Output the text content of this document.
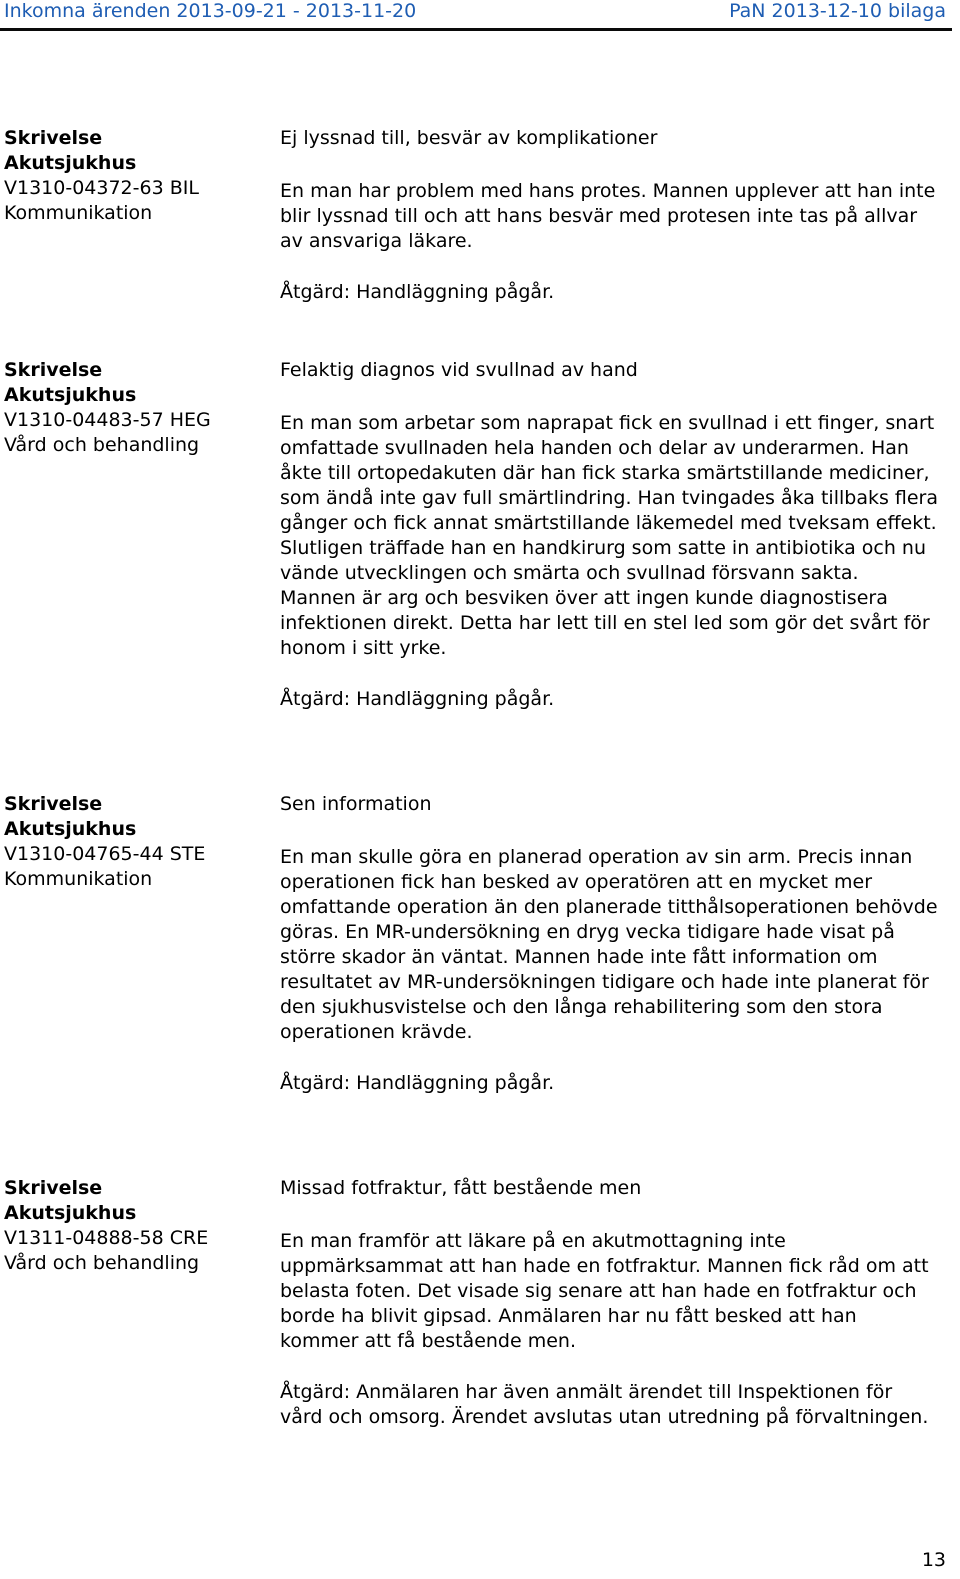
Inkomna ärenden 2013-09-21 - 2013-11-20	PaN 2013-12-10 bilaga
Skrivelse
Akutsjukhus
V1310-04372-63 BIL
Kommunikation

Ej lyssnad till, besvär av komplikationer

En man har problem med hans protes. Mannen upplever att han inte blir lyssnad till och att hans besvär med protesen inte tas på allvar av ansvariga läkare.

Åtgärd: Handläggning pågår.

Skrivelse
Akutsjukhus
V1310-04483-57 HEG
Vård och behandling

Felaktig diagnos vid svullnad av hand

En man som arbetar som naprapat fick en svullnad i ett finger, snart omfattade svullnaden hela handen och delar av underarmen. Han åkte till ortopedakuten där han fick starka smärtstillande mediciner, som ändå inte gav full smärtlindring. Han tvingades åka tillbaks flera gånger och fick annat smärtstillande läkemedel med tveksam effekt. Slutligen träffade han en handkirurg som satte in antibiotika och nu vände utvecklingen och smärta och svullnad försvann sakta. Mannen är arg och besviken över att ingen kunde diagnostisera infektionen direkt. Detta har lett till en stel led som gör det svårt för honom i sitt yrke.

Åtgärd: Handläggning pågår.

Skrivelse
Akutsjukhus
V1310-04765-44 STE
Kommunikation

Sen information

En man skulle göra en planerad operation av sin arm. Precis innan operationen fick han besked av operatören att en mycket mer omfattande operation än den planerade titthålsoperationen behövde göras. En MR-undersökning en dryg vecka tidigare hade visat på större skador än väntat. Mannen hade inte fått information om resultatet av MR-undersökningen tidigare och hade inte planerat för den sjukhusvistelse och den långa rehabilitering som den stora operationen krävde.

Åtgärd: Handläggning pågår.

Skrivelse
Akutsjukhus
V1311-04888-58 CRE
Vård och behandling

Missad fotfraktur, fått bestående men

En man framför att läkare på en akutmottagning inte uppmärksammat att han hade en fotfraktur. Mannen fick råd om att belasta foten. Det visade sig senare att han hade en fotfraktur och borde ha blivit gipsad. Anmälaren har nu fått besked att han kommer att få bestående men.

Åtgärd: Anmälaren har även anmält ärendet till Inspektionen för vård och omsorg. Ärendet avslutas utan utredning på förvaltningen.

13
